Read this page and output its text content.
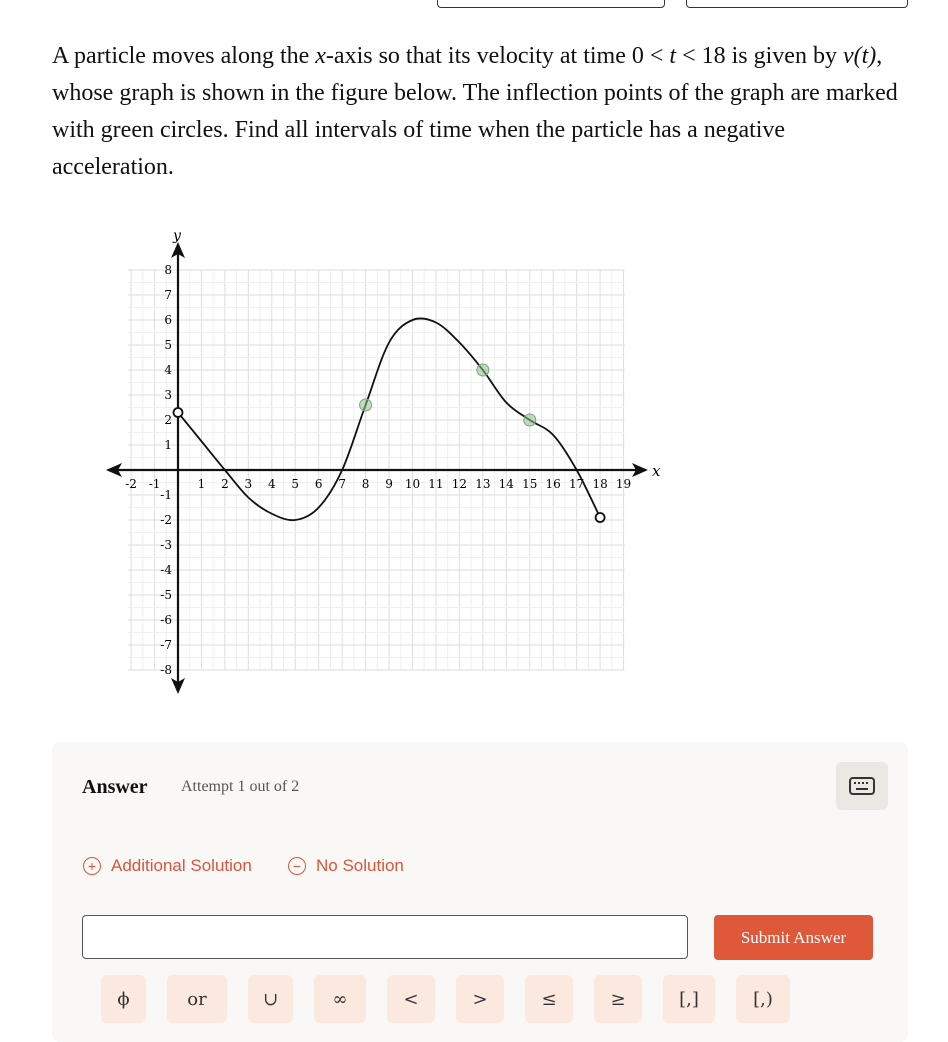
A particle moves along the x-axis so that its velocity at time 0 < t < 18 is given by v(t), whose graph is shown in the figure below. The inflection points of the graph are marked with green circles. Find all intervals of time when the particle has a negative acceleration.
x
y
-2 -1	1 2 3 4 5 6 7 8 9 10 11 12 13 14 15 16 17 18 19
8
7
6
5
4
3
2
1
-1
-2
-3
-4
-5
-6
-7
-8
Answer Attempt 1 out of 2
+ Additional Solution	− No Solution
Submit Answer
ϕ	or	∪	∞	<	>	≤	≥	[,]	[,)
